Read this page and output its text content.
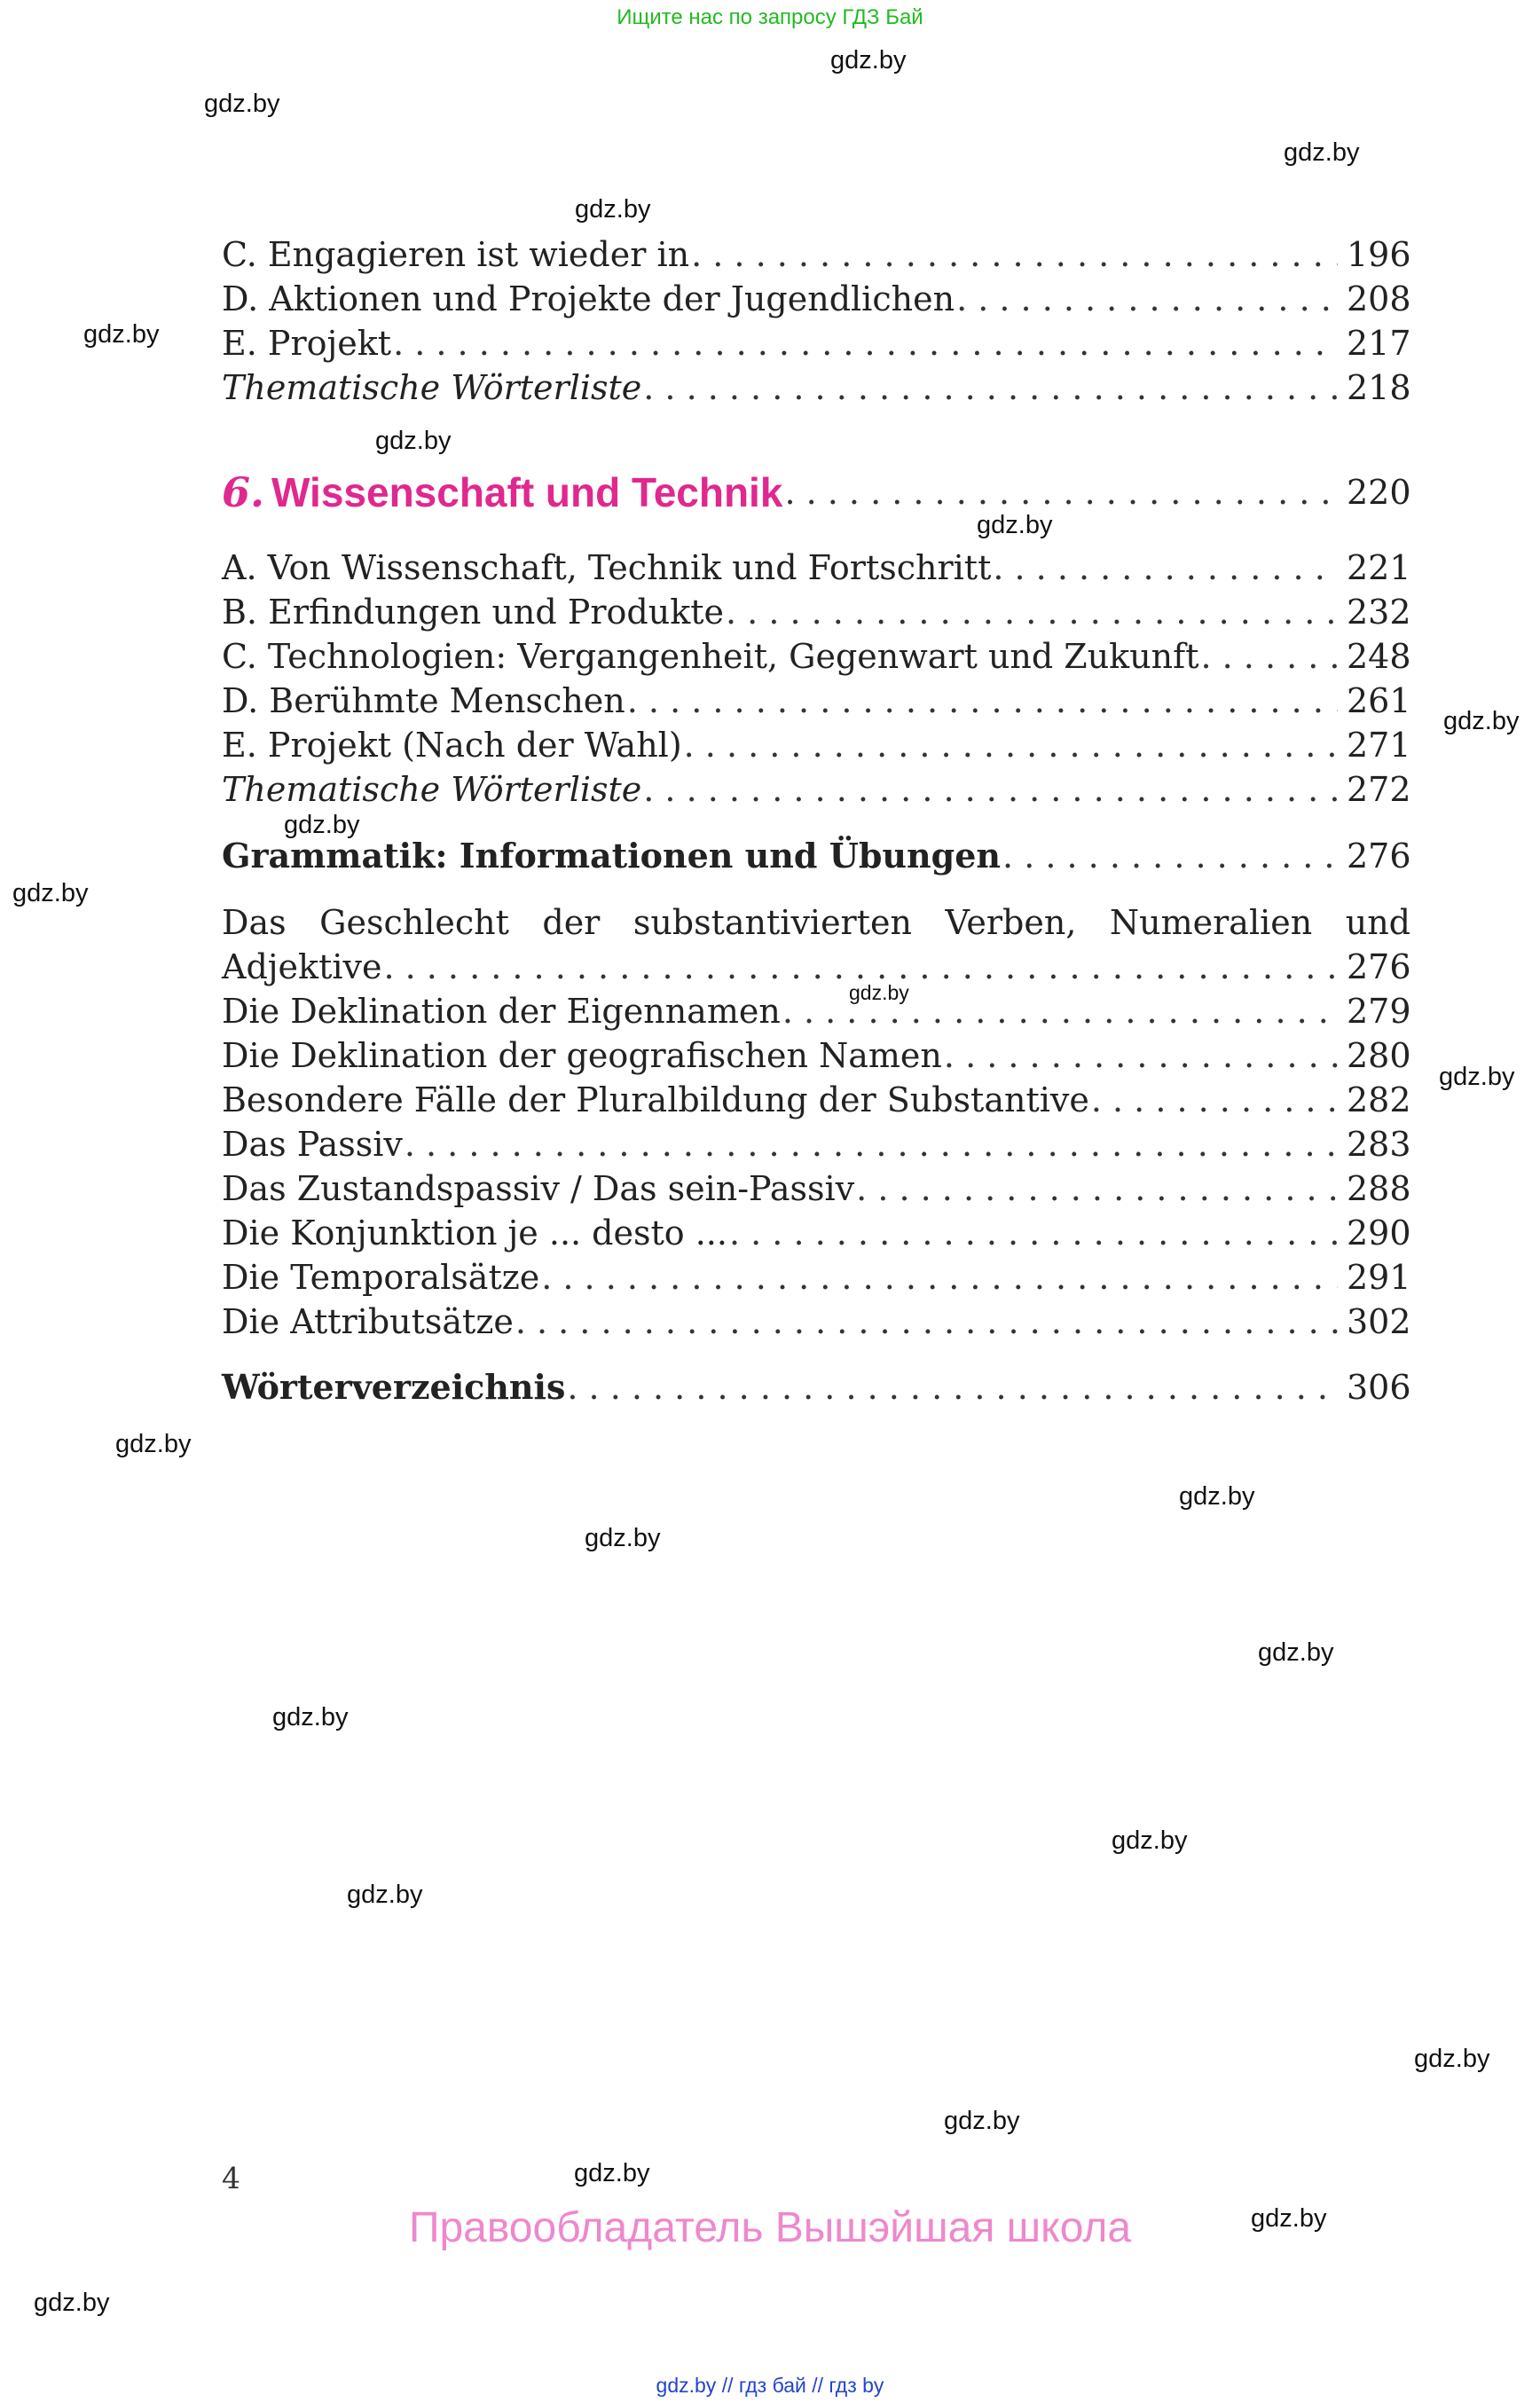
Ищите нас по запросу ГДЗ Бай
gdz.by
gdz.by
gdz.by
gdz.by
gdz.by
gdz.by
gdz.by
gdz.by
gdz.by
gdz.by
gdz.by
gdz.by
gdz.by
gdz.by
gdz.by
gdz.by
gdz.by
gdz.by
gdz.by
gdz.by
gdz.by
gdz.by
gdz.by
gdz.by
C. Engagieren ist wieder in . . .	196
D. Aktionen und Projekte der Jugendlichen . . .	208
E. Projekt . . .	217
Thematische Wörterliste . . .	218
6. Wissenschaft und Technik . . .	220
A. Von Wissenschaft, Technik und Fortschritt . . .	221
B. Erfindungen und Produkte . . .	232
C. Technologien: Vergangenheit, Gegenwart und Zukunft . . .	248
D. Berühmte Menschen . . .	261
E. Projekt (Nach der Wahl) . . .	271
Thematische Wörterliste . . .	272
Grammatik: Informationen und Übungen . . .	276
Das Geschlecht der substantivierten Verben, Numeralien und
Adjektive . . .	276
Die Deklination der Eigennamen . . .	279
Die Deklination der geografischen Namen . . .	280
Besondere Fälle der Pluralbildung der Substantive . . .	282
Das Passiv . . .	283
Das Zustandspassiv / Das sein-Passiv . . .	288
Die Konjunktion je ... desto ... . . .	290
Die Temporalsätze . . .	291
Die Attributsätze . . .	302
Wörterverzeichnis . . .	306
4
Правообладатель Вышэйшая школа
gdz.by // гдз бай // гдз by
